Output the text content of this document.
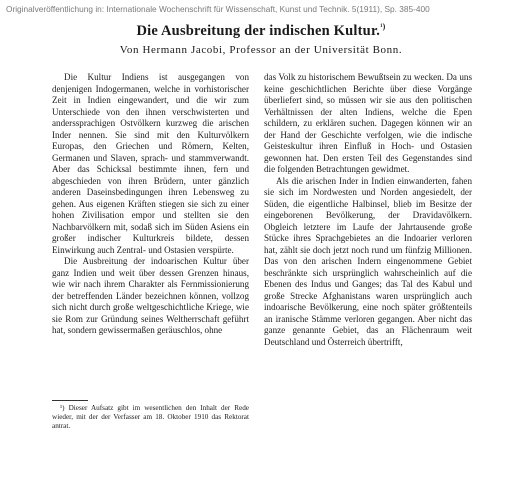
Originalveröffentlichung in: Internationale Wochenschrift für Wissenschaft, Kunst und Technik. 5(1911), Sp. 385-400
Die Ausbreitung der indischen Kultur.$^{^1)}$
Von Hermann Jacobi, Professor an der Universität Bonn.

Die Kultur Indiens ist ausgegangen von denjenigen Indogermanen, welche in vorhistorischer Zeit in Indien eingewandert, und die wir zum Unterschiede von den ihnen verschwisterten und anderssprachigen Ostvölkern kurzweg die arischen Inder nennen. Sie sind mit den Kulturvölkern Europas, den Griechen und Römern, Kelten, Germanen und Slaven, sprach- und stammverwandt. Aber das Schicksal bestimmte ihnen, fern und abgeschieden von ihren Brüdern, unter gänzlich anderen Daseinsbedingungen ihren Lebensweg zu gehen. Aus eigenen Kräften stiegen sie sich zu einer hohen Zivilisation empor und stellten sie den Nachbarvölkern mit, sodaß sich im Süden Asiens ein großer indischer Kulturkreis bildete, dessen Einwirkung auch Zentral- und Ostasien verspürte.

Die Ausbreitung der indoarischen Kultur über ganz Indien und weit über dessen Grenzen hinaus, wie wir nach ihrem Charakter als Fernmissionierung der betreffenden Länder bezeichnen können, vollzog sich nicht durch große weltgeschichtliche Kriege, wie sie Rom zur Gründung seines Weltherrschaft geführt hat, sondern gewissermaßen geräuschlos, ohne

¹) Dieser Aufsatz gibt im wesentlichen den Inhalt der Rede wieder, mit der der Verfasser am 18. Oktober 1910 das Rektorat antrat.

das Volk zu historischem Bewußtsein zu wecken. Da uns keine geschichtlichen Berichte über diese Vorgänge überliefert sind, so müssen wir sie aus den politischen Verhältnissen der alten Indiens, welche die Epen schildern, zu erklären suchen. Dagegen können wir an der Hand der Geschichte verfolgen, wie die indische Geisteskultur ihren Einfluß in Hoch- und Ostasien gewonnen hat. Den ersten Teil des Gegenstandes sind die folgenden Betrachtungen gewidmet.

Als die arischen Inder in Indien einwanderten, fahen sie sich im Nordwesten und Norden angesiedelt, der Süden, die eigentliche Halbinsel, blieb im Besitze der eingeborenen Bevölkerung, der Dravidavölkern. Obgleich letztere im Laufe der Jahrtausende große Stücke ihres Sprachgebietes an die Indoarier verloren hat, zählt sie doch jetzt noch rund um fünfzig Millionen. Das von den arischen Indern eingenommene Gebiet beschränkte sich ursprünglich wahrscheinlich auf die Ebenen des Indus und Ganges; das Tal des Kabul und große Strecke Afghanistans waren ursprünglich auch indoarische Bevölkerung, eine noch später größtenteils an iranische Stämme verloren gegangen. Aber nicht das ganze genannte Gebiet, das an Flächenraum weit Deutschland und Österreich übertrifft,
